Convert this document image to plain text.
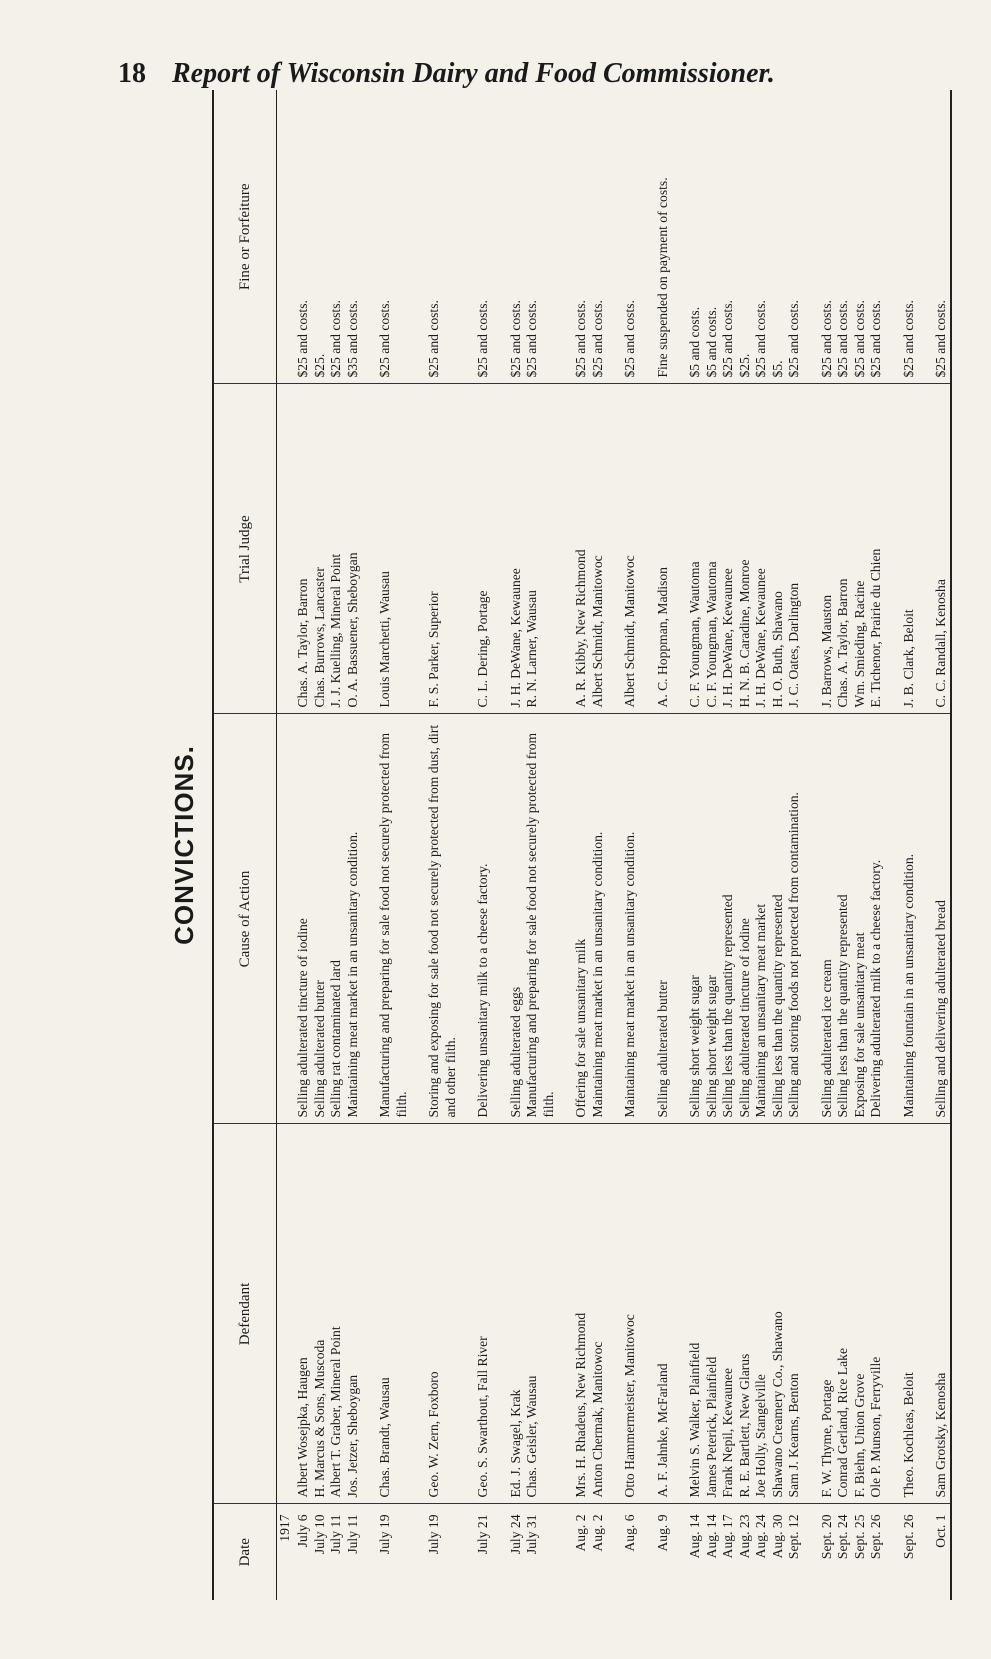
18 Report of Wisconsin Dairy and Food Commissioner.
CONVICTIONS.
Date	Defendant	Cause of Action	Trial Judge	Fine or Forfeiture
1917				
July 6	Albert Wosejpka, Haugen	Selling adulterated tincture of iodine	Chas. A. Taylor, Barron	$25 and costs.
July 10	H. Marcus & Sons, Muscoda	Selling adulterated butter	Chas. Burrows, Lancaster	$25.
July 11	Albert T. Graber, Mineral Point	Selling rat contaminated lard	J. J. Kuelling, Mineral Point	$25 and costs.
July 11	Jos. Jetzer, Sheboygan	Maintaining meat market in an unsanitary condition.	O. A. Bassuener, Sheboygan	$35 and costs.

July 19	Chas. Brandt, Wausau	Manufacturing and preparing for sale food not securely protected from filth.	Louis Marchetti, Wausau	$25 and costs.

July 19	Geo. W. Zern, Foxboro	Storing and exposing for sale food not securely protected from dust, dirt and other filth.	F. S. Parker, Superior	$25 and costs.

July 21	Geo. S. Swarthout, Fall River	Delivering unsanitary milk to a cheese factory.	C. L. Dering, Portage	$25 and costs.

July 24	Ed. J. Swagel, Krak	Selling adulterated eggs	J. H. DeWane, Kewaunee	$25 and costs.
July 31	Chas. Geisler, Wausau	Manufacturing and preparing for sale food not securely protected from filth.	R. N. Larner, Wausau	$25 and costs.

Aug. 2	Mrs. H. Rhadeus, New Richmond	Offering for sale unsanitary milk	A. R. Kibby, New Richmond	$25 and costs.
Aug. 2	Anton Chermak, Manitowoc	Maintaining meat market in an unsanitary condition.	Albert Schmidt, Manitowoc	$25 and costs.

Aug. 6	Otto Hammermeister, Manitowoc	Maintaining meat market in an unsanitary condition.	Albert Schmidt, Manitowoc	$25 and costs.

Aug. 9	A. F. Jahnke, McFarland	Selling adulterated butter	A. C. Hoppman, Madison	Fine suspended on payment of costs.

Aug. 14	Melvin S. Walker, Plainfield	Selling short weight sugar	C. F. Youngman, Wautoma	$5 and costs.
Aug. 14	James Peterick, Plainfield	Selling short weight sugar	C. F. Youngman, Wautoma	$5 and costs.
Aug. 17	Frank Nepil, Kewaunee	Selling less than the quantity represented	J. H. DeWane, Kewaunee	$25 and costs.
Aug. 23	R. E. Bartlett, New Glarus	Selling adulterated tincture of iodine	H. N. B. Caradine, Monroe	$25.
Aug. 24	Joe Holly, Stangelville	Maintaining an unsanitary meat market	J. H. DeWane, Kewaunee	$25 and costs.
Aug. 30	Shawano Creamery Co., Shawano	Selling less than the quantity represented	H. O. Buth, Shawano	$5.
Sept. 12	Sam J. Kearns, Benton	Selling and storing foods not protected from contamination.	J. C. Oates, Darlington	$25 and costs.

Sept. 20	F. W. Thyme, Portage	Selling adulterated ice cream	J. Barrows, Mauston	$25 and costs.
Sept. 24	Conrad Gerland, Rice Lake	Selling less than the quantity represented	Chas. A. Taylor, Barron	$25 and costs.
Sept. 25	F. Biehn, Union Grove	Exposing for sale unsanitary meat	Wm. Smieding, Racine	$25 and costs.
Sept. 26	Ole P. Munson, Ferryville	Delivering adulterated milk to a cheese factory.	E. Tichenor, Prairie du Chien	$25 and costs.

Sept. 26	Theo. Kochleas, Beloit	Maintaining fountain in an unsanitary condition.	J. B. Clark, Beloit	$25 and costs.

Oct. 1	Sam Grotsky, Kenosha	Selling and delivering adulterated bread	C. C. Randall, Kenosha	$25 and costs.
